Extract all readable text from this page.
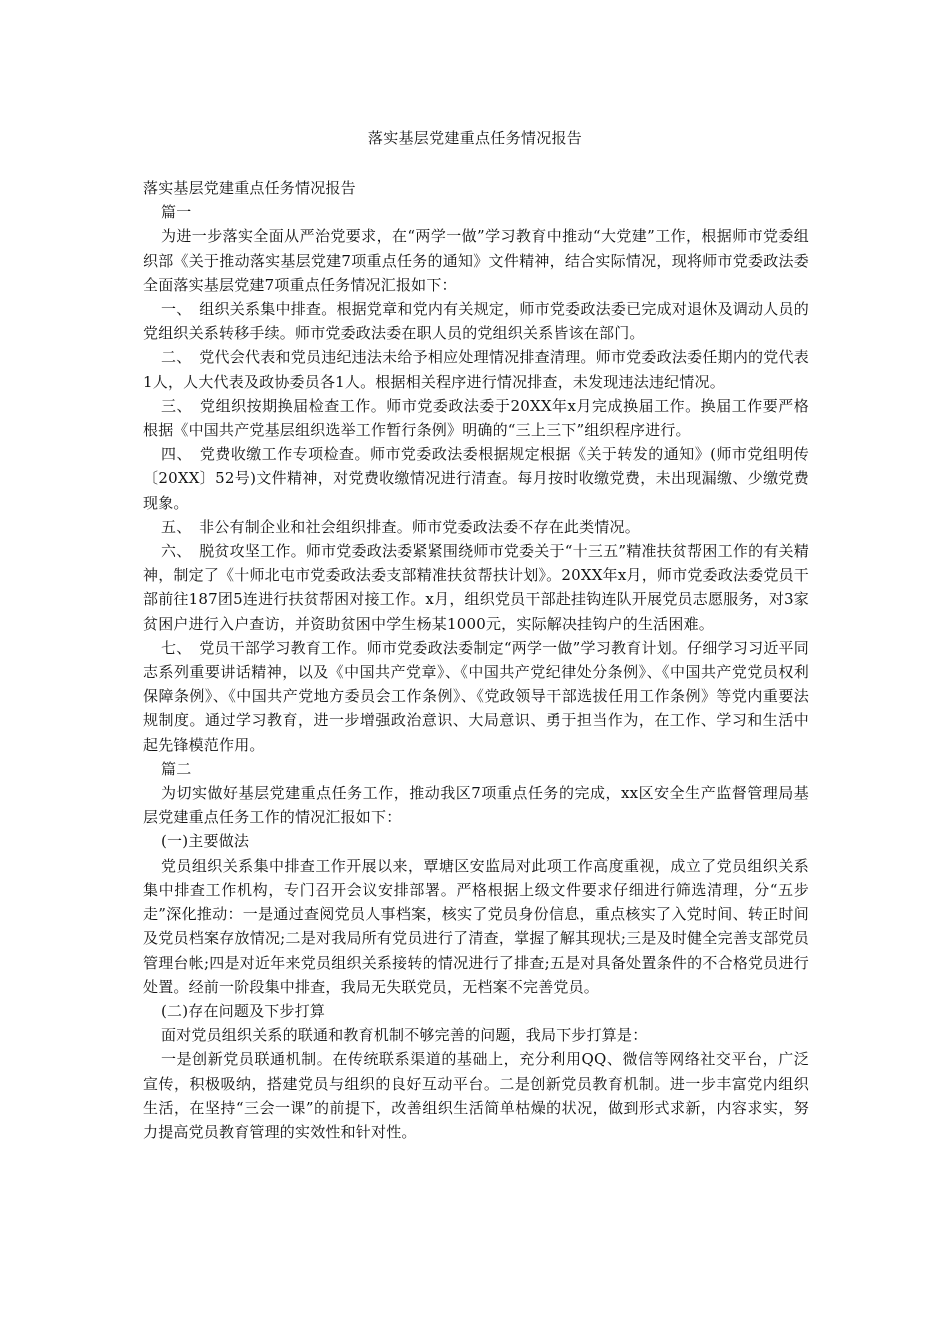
落实基层党建重点任务情况报告

落实基层党建重点任务情况报告

篇一

为进一步落实全面从严治党要求，在“两学一做”学习教育中推动“大党建”工作，根据师市党委组织部《关于推动落实基层党建7项重点任务的通知》文件精神，结合实际情况，现将师市党委政法委全面落实基层党建7项重点任务情况汇报如下：

一、　组织关系集中排查。根据党章和党内有关规定，师市党委政法委已完成对退休及调动人员的党组织关系转移手续。师市党委政法委在职人员的党组织关系皆该在部门。

二、　党代会代表和党员违纪违法未给予相应处理情况排查清理。师市党委政法委任期内的党代表1人，人大代表及政协委员各1人。根据相关程序进行情况排查，未发现违法违纪情况。

三、　党组织按期换届检查工作。师市党委政法委于20XX年x月完成换届工作。换届工作要严格根据《中国共产党基层组织选举工作暂行条例》明确的“三上三下”组织程序进行。

四、　党费收缴工作专项检查。师市党委政法委根据规定根据《关于转发的通知》(师市党组明传〔20XX〕52号)文件精神，对党费收缴情况进行清查。每月按时收缴党费，未出现漏缴、少缴党费现象。

五、　非公有制企业和社会组织排查。师市党委政法委不存在此类情况。

六、　脱贫攻坚工作。师市党委政法委紧紧围绕师市党委关于“十三五”精准扶贫帮困工作的有关精神，制定了《十师北屯市党委政法委支部精准扶贫帮扶计划》。20XX年x月，师市党委政法委党员干部前往187团5连进行扶贫帮困对接工作。x月，组织党员干部赴挂钩连队开展党员志愿服务，对3家贫困户进行入户查访，并资助贫困中学生杨某1000元，实际解决挂钩户的生活困难。

七、　党员干部学习教育工作。师市党委政法委制定“两学一做”学习教育计划。仔细学习习近平同志系列重要讲话精神，以及《中国共产党章》、《中国共产党纪律处分条例》、《中国共产党党员权利保障条例》、《中国共产党地方委员会工作条例》、《党政领导干部选拔任用工作条例》等党内重要法规制度。通过学习教育，进一步增强政治意识、大局意识、勇于担当作为，在工作、学习和生活中起先锋模范作用。

篇二

为切实做好基层党建重点任务工作，推动我区7项重点任务的完成，xx区安全生产监督管理局基层党建重点任务工作的情况汇报如下：

(一)主要做法

党员组织关系集中排查工作开展以来，覃塘区安监局对此项工作高度重视，成立了党员组织关系集中排查工作机构，专门召开会议安排部署。严格根据上级文件要求仔细进行筛选清理，分“五步走”深化推动：一是通过查阅党员人事档案，核实了党员身份信息，重点核实了入党时间、转正时间及党员档案存放情况;二是对我局所有党员进行了清查，掌握了解其现状;三是及时健全完善支部党员管理台帐;四是对近年来党员组织关系接转的情况进行了排查;五是对具备处置条件的不合格党员进行处置。经前一阶段集中排查，我局无失联党员，无档案不完善党员。

(二)存在问题及下步打算

面对党员组织关系的联通和教育机制不够完善的问题，我局下步打算是：

一是创新党员联通机制。在传统联系渠道的基础上，充分利用QQ、微信等网络社交平台，广泛宣传，积极吸纳，搭建党员与组织的良好互动平台。二是创新党员教育机制。进一步丰富党内组织生活，在坚持“三会一课”的前提下，改善组织生活简单枯燥的状况，做到形式求新，内容求实，努力提高党员教育管理的实效性和针对性。
